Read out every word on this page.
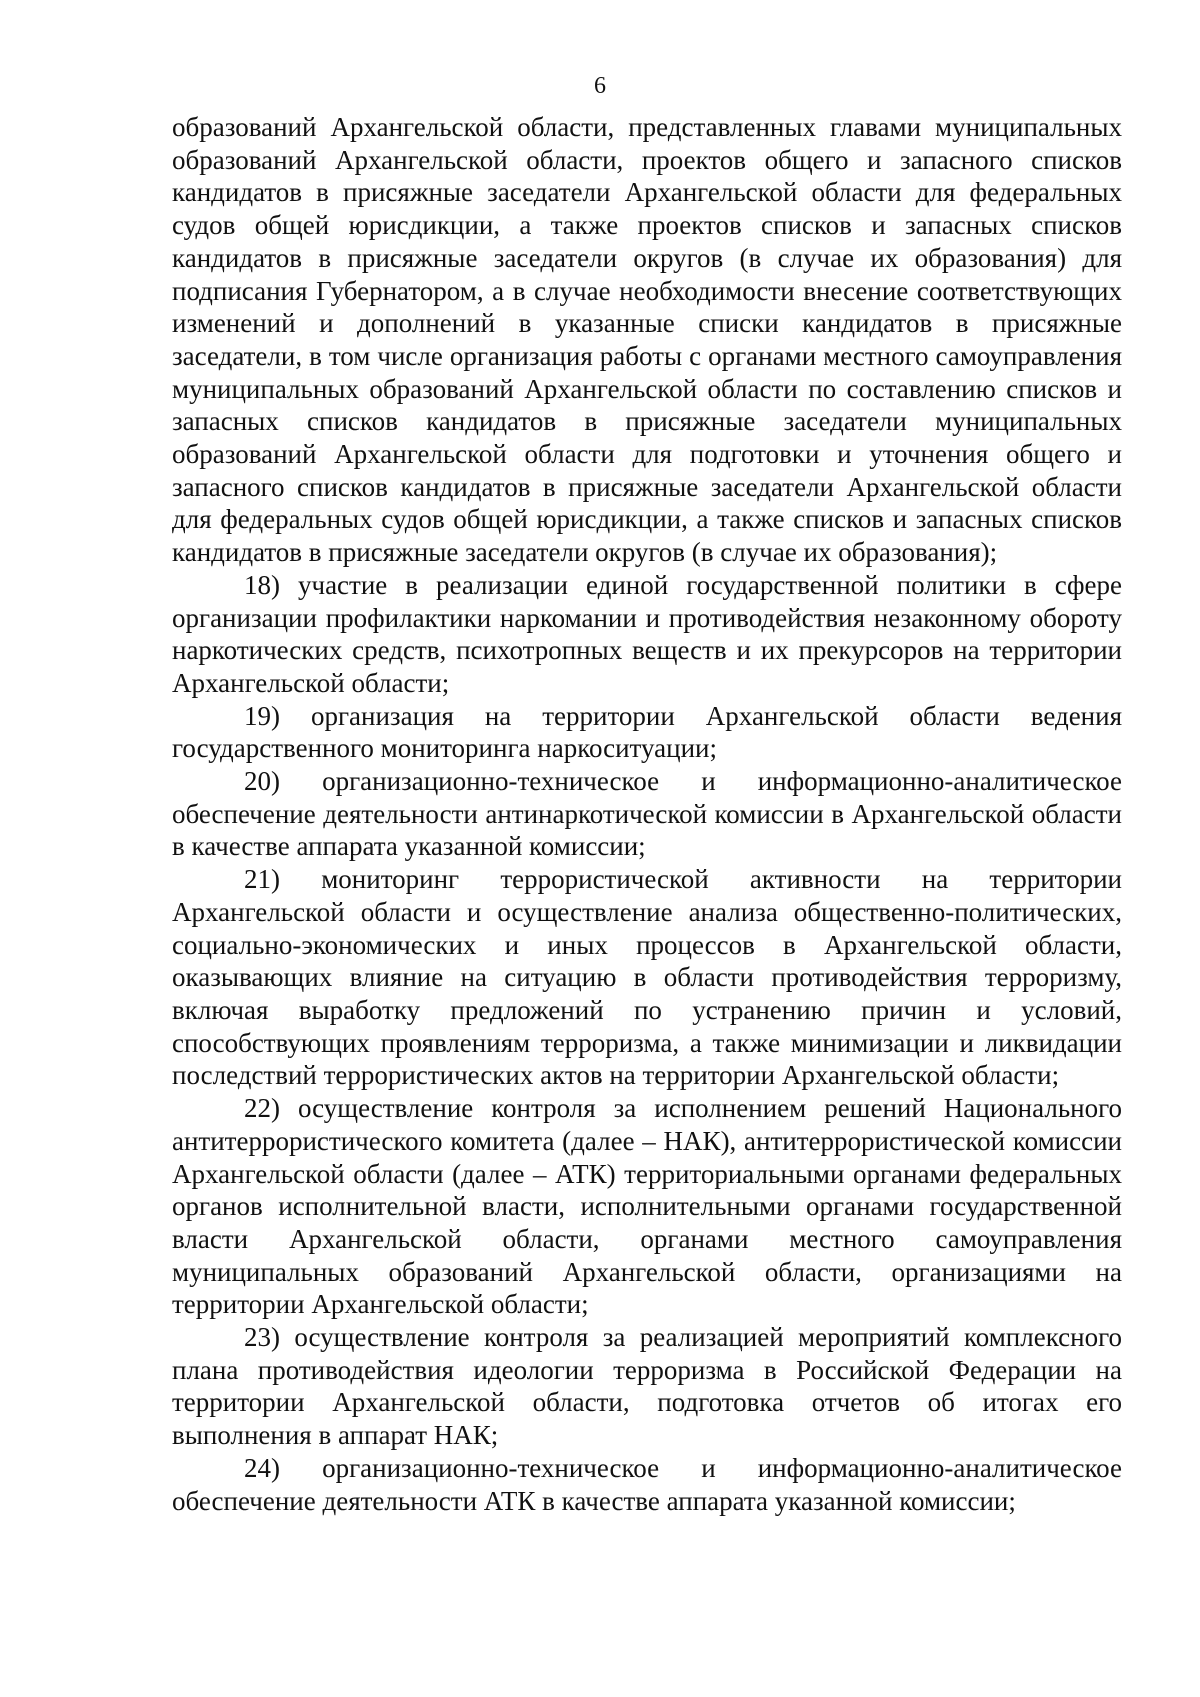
6

образований Архангельской области, представленных главами муниципальных образований Архангельской области, проектов общего и запасного списков кандидатов в присяжные заседатели Архангельской области для федеральных судов общей юрисдикции, а также проектов списков и запасных списков кандидатов в присяжные заседатели округов (в случае их образования) для подписания Губернатором, а в случае необходимости внесение соответствующих изменений и дополнений в указанные списки кандидатов в присяжные заседатели, в том числе организация работы с органами местного самоуправления муниципальных образований Архангельской области по составлению списков и запасных списков кандидатов в присяжные заседатели муниципальных образований Архангельской области для подготовки и уточнения общего и запасного списков кандидатов в присяжные заседатели Архангельской области для федеральных судов общей юрисдикции, а также списков и запасных списков кандидатов в присяжные заседатели округов (в случае их образования);

18) участие в реализации единой государственной политики в сфере организации профилактики наркомании и противодействия незаконному обороту наркотических средств, психотропных веществ и их прекурсоров на территории Архангельской области;

19) организация на территории Архангельской области ведения государственного мониторинга наркоситуации;

20) организационно-техническое и информационно-аналитическое обеспечение деятельности антинаркотической комиссии в Архангельской области в качестве аппарата указанной комиссии;

21) мониторинг террористической активности на территории Архангельской области и осуществление анализа общественно-политических, социально-экономических и иных процессов в Архангельской области, оказывающих влияние на ситуацию в области противодействия терроризму, включая выработку предложений по устранению причин и условий, способствующих проявлениям терроризма, а также минимизации и ликвидации последствий террористических актов на территории Архангельской области;

22) осуществление контроля за исполнением решений Национального антитеррористического комитета (далее – НАК), антитеррористической комиссии Архангельской области (далее – АТК) территориальными органами федеральных органов исполнительной власти, исполнительными органами государственной власти Архангельской области, органами местного самоуправления муниципальных образований Архангельской области, организациями на территории Архангельской области;

23) осуществление контроля за реализацией мероприятий комплексного плана противодействия идеологии терроризма в Российской Федерации на территории Архангельской области, подготовка отчетов об итогах его выполнения в аппарат НАК;

24) организационно-техническое и информационно-аналитическое обеспечение деятельности АТК в качестве аппарата указанной комиссии;
